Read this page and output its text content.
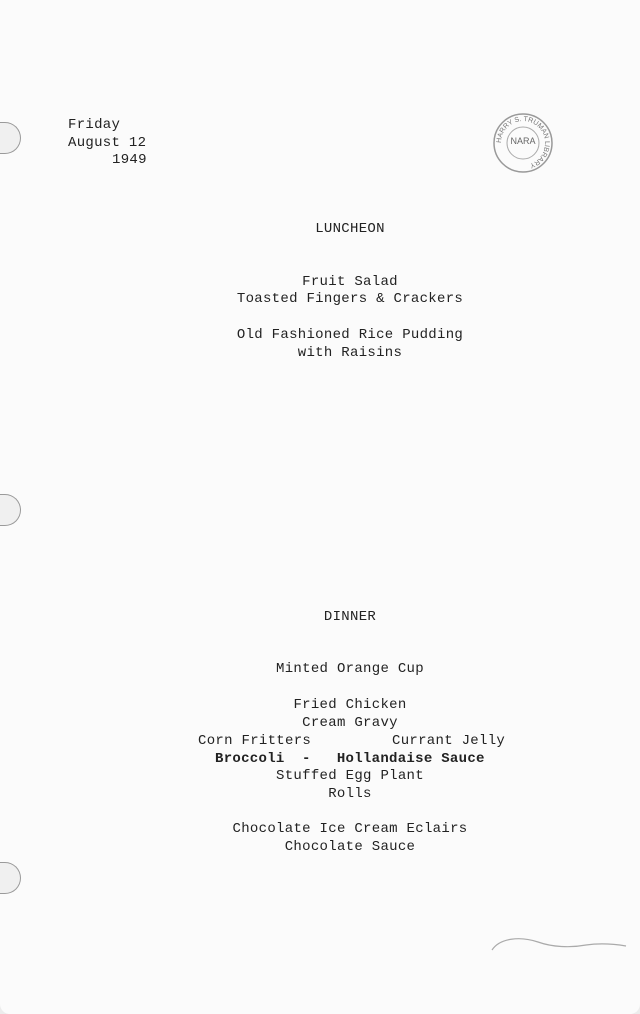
Friday
August 12
1949
HARRY S. TRUMAN LIBRARY
NARA
LUNCHEON
Fruit Salad
Toasted Fingers & Crackers
Old Fashioned Rice Pudding
with Raisins
DINNER
Minted Orange Cup
Fried Chicken
Cream Gravy
Corn Fritters	Currant Jelly
Broccoli  -   Hollandaise Sauce
Stuffed Egg Plant
Rolls
Chocolate Ice Cream Eclairs
Chocolate Sauce
